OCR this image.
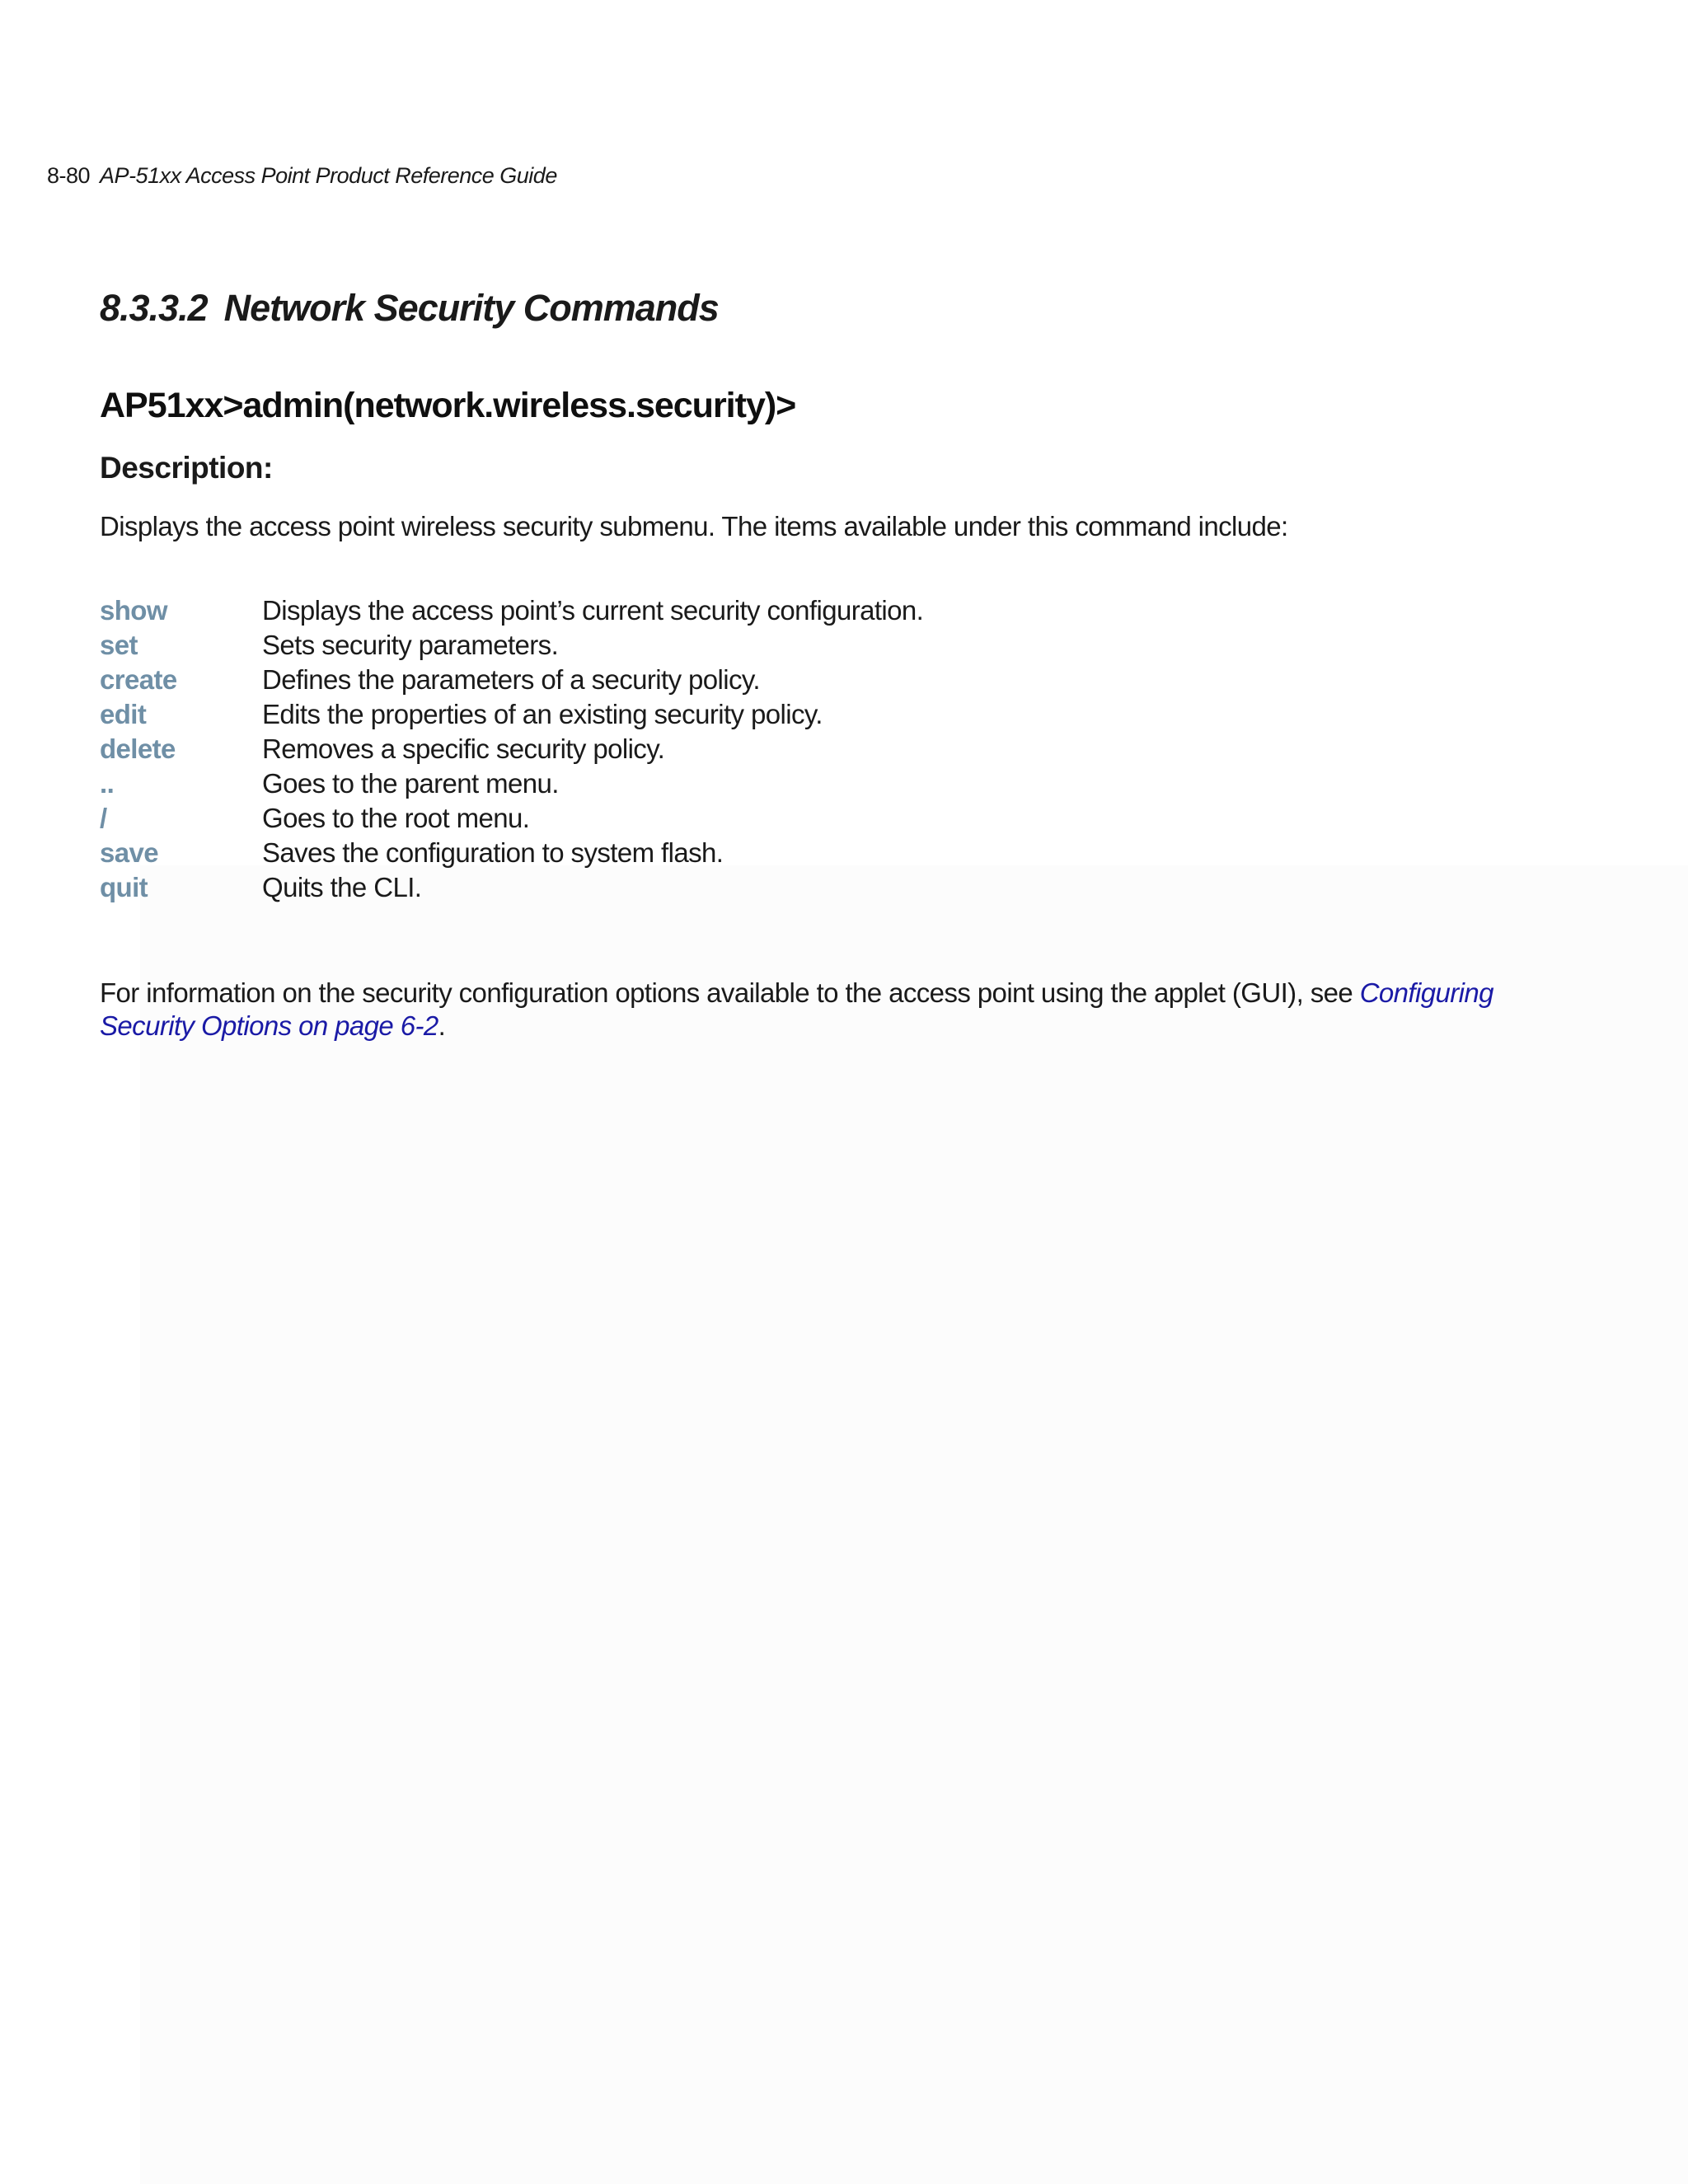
8-80 AP-51xx Access Point Product Reference Guide
8.3.3.2 Network Security Commands
AP51xx>admin(network.wireless.security)>
Description:
Displays the access point wireless security submenu. The items available under this command include:
show	Displays the access point’s current security configuration.
set	Sets security parameters.
create	Defines the parameters of a security policy.
edit	Edits the properties of an existing security policy.
delete	Removes a specific security policy.
..	Goes to the parent menu.
/	Goes to the root menu.
save	Saves the configuration to system flash.
quit	Quits the CLI.
For information on the security configuration options available to the access point using the applet (GUI), see Configuring Security Options on page 6-2.
